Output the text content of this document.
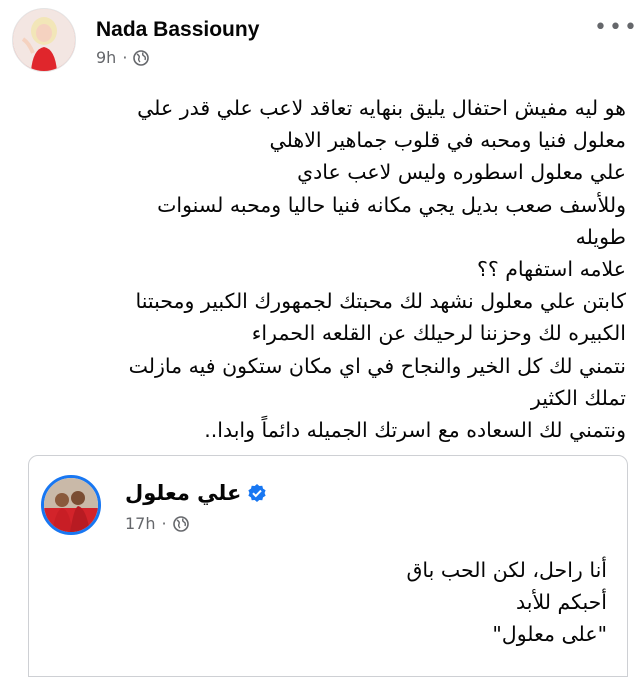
Nada Bassiouny
9h ·
•••

هو ليه مفيش احتفال يليق بنهايه تعاقد لاعب علي قدر علي

معلول فنيا ومحبه في قلوب جماهير الاهلي

علي معلول اسطوره وليس لاعب عادي

وللأسف صعب بديل يجي مكانه فنيا حاليا ومحبه لسنوات

طويله

علامه استفهام ؟؟

كابتن علي معلول نشهد لك محبتك لجمهورك الكبير ومحبتنا

الكبيره لك وحزننا لرحيلك عن القلعه الحمراء

نتمني لك كل الخير والنجاح في اي مكان ستكون فيه مازلت

تملك الكثير

ونتمني لك السعاده مع اسرتك الجميله دائماً وابدا..

علي معلول
17h ·

أنا راحل، لكن الحب باق

أحبكم للأبد

"على معلول"
